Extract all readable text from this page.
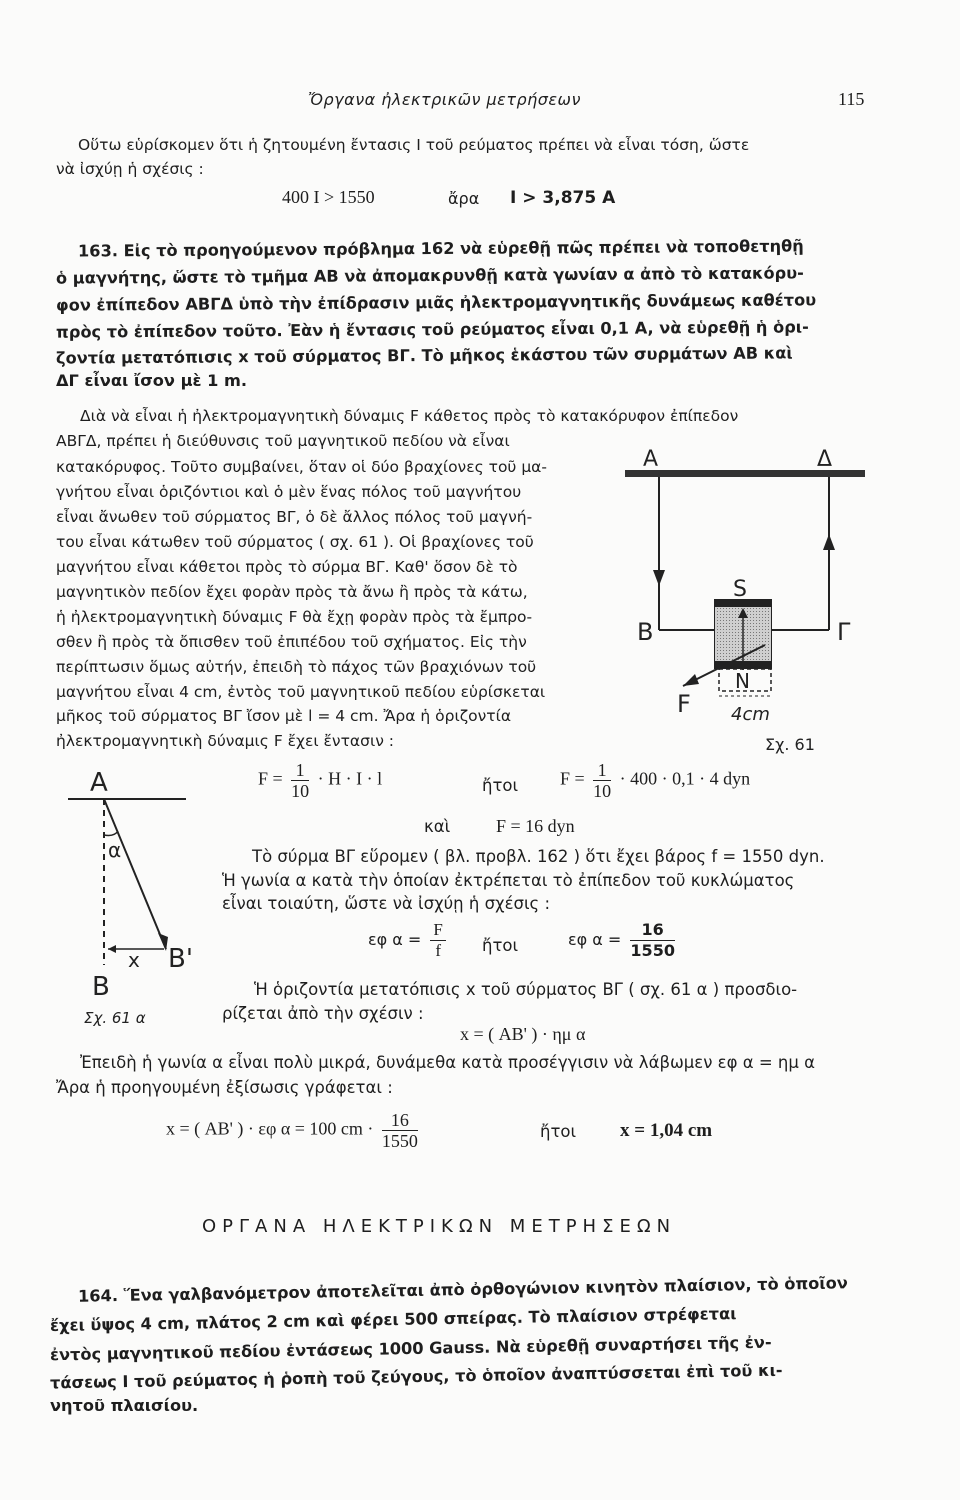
Ὄργανα ἠλεκτρικῶν μετρήσεων	115
Οὕτω εὑρίσκομεν ὅτι ἡ ζητουμένη ἔντασις I τοῦ ρεύματος πρέπει νὰ εἶναι τόση, ὥστε
νὰ ἰσχύῃ ἡ σχέσις :
400 I > 1550	ἄρα I > 3,875 A
163. Εἰς τὸ προηγούμενον πρόβλημα 162 νὰ εὑρεθῇ πῶς πρέπει νὰ τοποθετηθῇ
ὁ μαγνήτης, ὥστε τὸ τμῆμα AB νὰ ἀπομακρυνθῇ κατὰ γωνίαν α ἀπὸ τὸ κατακόρυ-
φον ἐπίπεδον ΑΒΓΔ ὑπὸ τὴν ἐπίδρασιν μιᾶς ἠλεκτρομαγνητικῆς δυνάμεως καθέτου
πρὸς τὸ ἐπίπεδον τοῦτο. Ἐὰν ἡ ἔντασις τοῦ ρεύματος εἶναι 0,1 A, νὰ εὑρεθῇ ἡ ὁρι-
ζοντία μετατόπισις x τοῦ σύρματος ΒΓ. Τὸ μῆκος ἑκάστου τῶν συρμάτων AB καὶ
ΔΓ εἶναι ἴσον μὲ 1 m.
Διὰ νὰ εἶναι ἡ ἠλεκτρομαγνητικὴ δύναμις F κάθετος πρὸς τὸ κατακόρυφον ἐπίπεδον
ΑΒΓΔ, πρέπει ἡ διεύθυνσις τοῦ μαγνητικοῦ πεδίου νὰ εἶναι
κατακόρυφος. Τοῦτο συμβαίνει, ὅταν οἱ δύο βραχίονες τοῦ μα-
γνήτου εἶναι ὁριζόντιοι καὶ ὁ μὲν ἕνας πόλος τοῦ μαγνήτου
εἶναι ἄνωθεν τοῦ σύρματος ΒΓ, ὁ δὲ ἄλλος πόλος τοῦ μαγνή-
του εἶναι κάτωθεν τοῦ σύρματος ( σχ. 61 ). Οἱ βραχίονες τοῦ
μαγνήτου εἶναι κάθετοι πρὸς τὸ σύρμα ΒΓ. Καθ' ὅσον δὲ τὸ
μαγνητικὸν πεδίον ἔχει φορὰν πρὸς τὰ ἄνω ἢ πρὸς τὰ κάτω,
ἡ ἠλεκτρομαγνητικὴ δύναμις F θὰ ἔχῃ φορὰν πρὸς τὰ ἔμπρο-
σθεν ἢ πρὸς τὰ ὄπισθεν τοῦ ἐπιπέδου τοῦ σχήματος. Εἰς τὴν
περίπτωσιν ὅμως αὐτήν, ἐπειδὴ τὸ πάχος τῶν βραχιόνων τοῦ
μαγνήτου εἶναι 4 cm, ἐντὸς τοῦ μαγνητικοῦ πεδίου εὑρίσκεται
μῆκος τοῦ σύρματος ΒΓ ἴσον μὲ l = 4 cm. Ἄρα ἡ ὁριζοντία
ἠλεκτρομαγνητικὴ δύναμις F ἔχει ἔντασιν :
Α	Δ
Β	Γ
S
N
F 4cm
Σχ. 61
Α
α
x Β'
Β
Σχ. 61 α
$F = \frac{1}{10} \cdot H \cdot I \cdot l$	ἤτοι $F = \frac{1}{10} \cdot 400 \cdot 0,1 \cdot 4$ dyn
καὶ	F = 16 dyn
Τὸ σύρμα ΒΓ εὕρομεν ( βλ. προβλ. 162 ) ὅτι ἔχει βάρος f = 1550 dyn.
Ἡ γωνία α κατὰ τὴν ὁποίαν ἐκτρέπεται τὸ ἐπίπεδον τοῦ κυκλώματος
εἶναι τοιαύτη, ὥστε νὰ ἰσχύῃ ἡ σχέσις :
εφ $\alpha = \frac{F}{f}$ ἤτοι	εφ $\alpha = \frac{16}{1550}$
Ἡ ὁριζοντία μετατόπισις x τοῦ σύρματος ΒΓ ( σχ. 61 α ) προσδιο-
ρίζεται ἀπὸ τὴν σχέσιν :
x = ( ΑΒ' ) · ημ α
Ἐπειδὴ ἡ γωνία α εἶναι πολὺ μικρά, δυνάμεθα κατὰ προσέγγισιν νὰ λάβωμεν εφ α = ημ α
Ἄρα ἡ προηγουμένη ἐξίσωσις γράφεται :
x = ( ΑΒ' ) · εφ α = 100 cm · $\frac{16}{1550}$	ἤτοι x = 1,04 cm
ΟΡΓΑΝΑ ΗΛΕΚΤΡΙΚΩΝ ΜΕΤΡΗΣΕΩΝ
164. Ἕνα γαλβανόμετρον ἀποτελεῖται ἀπὸ ὀρθογώνιον κινητὸν πλαίσιον, τὸ ὁποῖον
ἔχει ὕψος 4 cm, πλάτος 2 cm καὶ φέρει 500 σπείρας. Τὸ πλαίσιον στρέφεται
ἐντὸς μαγνητικοῦ πεδίου ἐντάσεως 1000 Gauss. Νὰ εὑρεθῇ συναρτήσει τῆς ἐν-
τάσεως I τοῦ ρεύματος ἡ ῥοπὴ τοῦ ζεύγους, τὸ ὁποῖον ἀναπτύσσεται ἐπὶ τοῦ κι-
νητοῦ πλαισίου.
